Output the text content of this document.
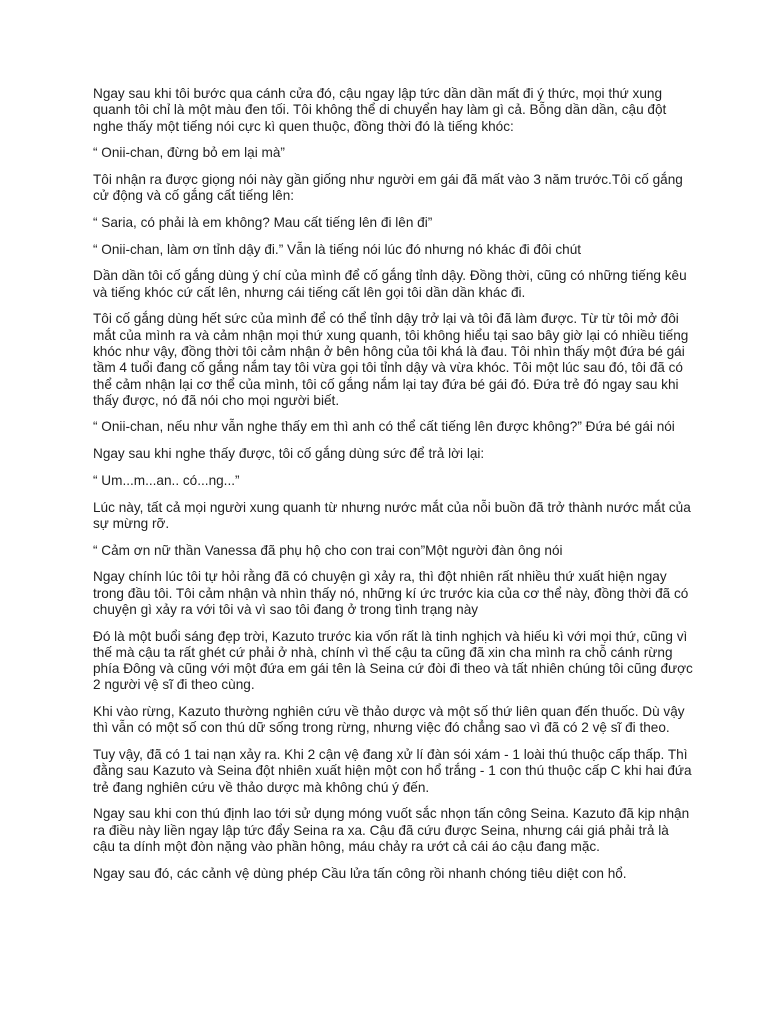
Ngay sau khi tôi bước qua cánh cửa đó, cậu ngay lập tức dần dần mất đi ý thức, mọi thứ xung quanh tôi chỉ là một màu đen tối. Tôi không thể di chuyển hay làm gì cả. Bỗng dần dần, cậu đột nghe thấy một tiếng nói cực kì quen thuộc, đồng thời đó là tiếng khóc:

“ Onii-chan, đừng bỏ em lại mà”

Tôi nhận ra được giọng nói này gần giống như người em gái đã mất vào 3 năm trước.Tôi cố gắng cử động và cố gắng cất tiếng lên:

“ Saria, có phải là em không? Mau cất tiếng lên đi lên đi”

“ Onii-chan, làm ơn tỉnh dậy đi.” Vẫn là tiếng nói lúc đó nhưng nó khác đi đôi chút

Dần dần tôi cố gắng dùng ý chí của mình để cố gắng tỉnh dậy. Đồng thời, cũng có những tiếng kêu và tiếng khóc cứ cất lên, nhưng cái tiếng cất lên gọi tôi dần dần khác đi.

Tôi cố gắng dùng hết sức của mình để có thể tỉnh dậy trở lại và tôi đã làm được. Từ từ tôi mở đôi mắt của mình ra và cảm nhận mọi thứ xung quanh, tôi không hiểu tại sao bây giờ lại có nhiều tiếng khóc như vậy, đồng thời tôi cảm nhận ở bên hông của tôi khá là đau. Tôi nhìn thấy một đứa bé gái tầm 4 tuổi đang cố gắng nắm tay tôi vừa gọi tôi tỉnh dậy và vừa khóc. Tôi một lúc sau đó, tôi đã có thể cảm nhận lại cơ thể của mình, tôi cố gắng nắm lại tay đứa bé gái đó. Đứa trẻ đó ngay sau khi thấy được, nó đã nói cho mọi người biết.

“ Onii-chan, nếu như vẫn nghe thấy em thì anh có thể cất tiếng lên được không?” Đứa bé gái nói

Ngay sau khi nghe thấy được, tôi cố gắng dùng sức để trả lời lại:

“ Um...m...an.. có...ng...”

Lúc này, tất cả mọi người xung quanh từ nhưng nước mắt của nỗi buồn đã trở thành nước mắt của sự mừng rỡ.

“ Cảm ơn nữ thần Vanessa đã phụ hộ cho con trai con”Một người đàn ông nói

Ngay chính lúc tôi tự hỏi rằng đã có chuyện gì xảy ra, thì đột nhiên rất nhiều thứ xuất hiện ngay trong đầu tôi. Tôi cảm nhận và nhìn thấy nó, những kí ức trước kia của cơ thể này, đồng thời đã có chuyện gì xảy ra với tôi và vì sao tôi đang ở trong tình trạng này

Đó là một buổi sáng đẹp trời, Kazuto trước kia vốn rất là tinh nghịch và hiếu kì với mọi thứ, cũng vì thế mà cậu ta rất ghét cứ phải ở nhà, chính vì thế cậu ta cũng đã xin cha mình ra chỗ cánh rừng phía Đông và cũng với một đứa em gái tên là Seina cứ đòi đi theo và tất nhiên chúng tôi cũng được 2 người vệ sĩ đi theo cùng.

Khi vào rừng, Kazuto thường nghiên cứu về thảo dược và một số thứ liên quan đến thuốc. Dù vậy thì vẫn có một số con thú dữ sống trong rừng, nhưng việc đó chẳng sao vì đã có 2 vệ sĩ đi theo.

Tuy vậy, đã có 1 tai nạn xảy ra. Khi 2 cận vệ đang xử lí đàn sói xám - 1 loài thú thuộc cấp thấp. Thì đằng sau Kazuto và Seina đột nhiên xuất hiện một con hổ trắng - 1 con thú thuộc cấp C khi hai đứa trẻ đang nghiên cứu về thảo dược mà không chú ý đến.

Ngay sau khi con thú định lao tới sử dụng móng vuốt sắc nhọn tấn công Seina. Kazuto đã kịp nhận ra điều này liền ngay lập tức đẩy Seina ra xa. Cậu đã cứu được Seina, nhưng cái giá phải trả là cậu ta dính một đòn nặng vào phần hông, máu chảy ra ướt cả cái áo cậu đang mặc.

Ngay sau đó, các cảnh vệ dùng phép Cầu lửa tấn công rồi nhanh chóng tiêu diệt con hổ.
